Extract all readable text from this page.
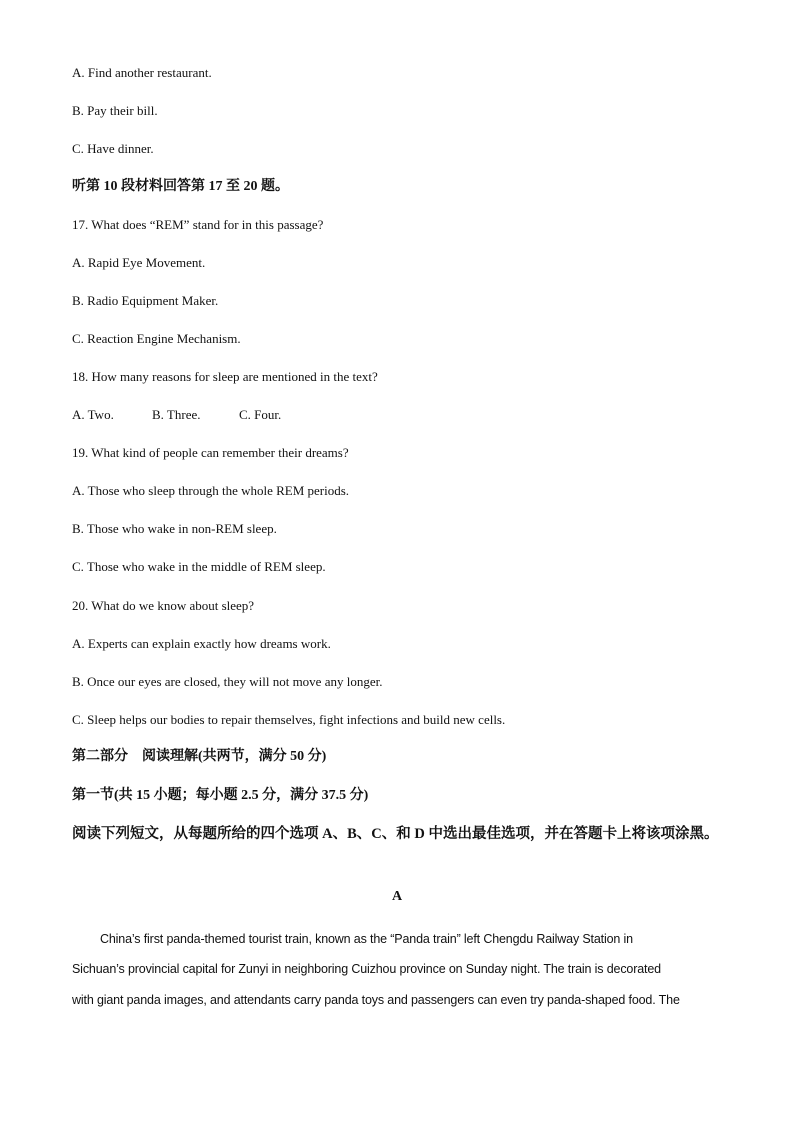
A. Find another restaurant.
B. Pay their bill.
C. Have dinner.
听第 10 段材料回答第 17 至 20 题。
17. What does “REM” stand for in this passage?
A. Rapid Eye Movement.
B. Radio Equipment Maker.
C. Reaction Engine Mechanism.
18. How many reasons for sleep are mentioned in the text?
A. Two.	B. Three.	C. Four.
19. What kind of people can remember their dreams?
A. Those who sleep through the whole REM periods.
B. Those who wake in non-REM sleep.
C. Those who wake in the middle of REM sleep.
20. What do we know about sleep?
A. Experts can explain exactly how dreams work.
B. Once our eyes are closed, they will not move any longer.
C. Sleep helps our bodies to repair themselves, fight infections and build new cells.
第二部分　阅读理解(共两节，满分 50 分)
第一节(共 15 小题；每小题 2.5 分，满分 37.5 分)
阅读下列短文，从每题所给的四个选项 A、B、C、和 D 中选出最佳选项，并在答题卡上将该项涂黑。
A
China’s first panda-themed tourist train, known as the “Panda train” left Chengdu Railway Station in
Sichuan’s provincial capital for Zunyi in neighboring Cuizhou province on Sunday night. The train is decorated
with giant panda images, and attendants carry panda toys and passengers can even try panda-shaped food. The
